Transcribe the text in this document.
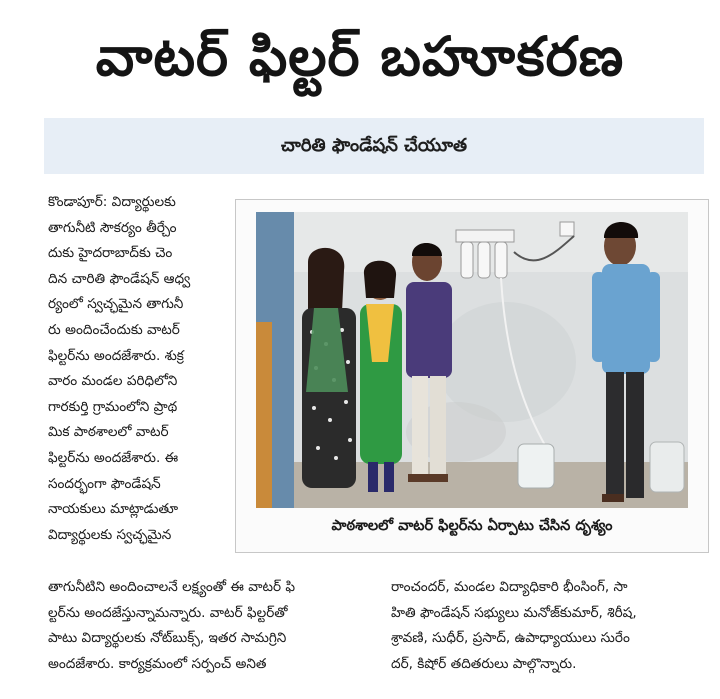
వాటర్ ఫిల్టర్ బహూకరణ
చారితి ఫౌండేషన్ చేయూత
కొండాపూర్: విద్యార్థులకు
తాగునీటి సౌకర్యం తీర్చేం
దుకు హైదరాబాద్‌కు చెం
దిన చారితి ఫౌండేషన్ ఆధ్వ
ర్యంలో స్వచ్ఛమైన తాగునీ
రు అందించేందుకు వాటర్
ఫిల్టర్‌ను అందజేశారు. శుక్ర
వారం మండల పరిధిలోని
గారకుర్తి గ్రామంలోని ప్రాథ
మిక పాఠశాలలో వాటర్
ఫిల్టర్‌ను అందజేశారు. ఈ
సందర్భంగా ఫౌండేషన్
నాయకులు మాట్లాడుతూ
విద్యార్థులకు స్వచ్ఛమైన
పాఠశాలలో వాటర్ ఫిల్టర్‌ను ఏర్పాటు చేసిన దృశ్యం
తాగునీటిని అందించాలనే లక్ష్యంతో ఈ వాటర్ ఫి
ల్టర్‌ను అందజేస్తున్నామన్నారు. వాటర్ ఫిల్టర్‌తో
పాటు విద్యార్థులకు నోట్‌బుక్స్, ఇతర సామగ్రిని
అందజేశారు. కార్యక్రమంలో సర్పంచ్ అనిత
రాంచందర్, మండల విద్యాధికారి భీంసింగ్, సా
హితి ఫౌండేషన్ సభ్యులు మనోజ్‌కుమార్, శిరీష,
శ్రావణి, సుధీర్, ప్రసాద్, ఉపాధ్యాయులు సురేం
దర్, కిషోర్ తదితరులు పాల్గొన్నారు.
